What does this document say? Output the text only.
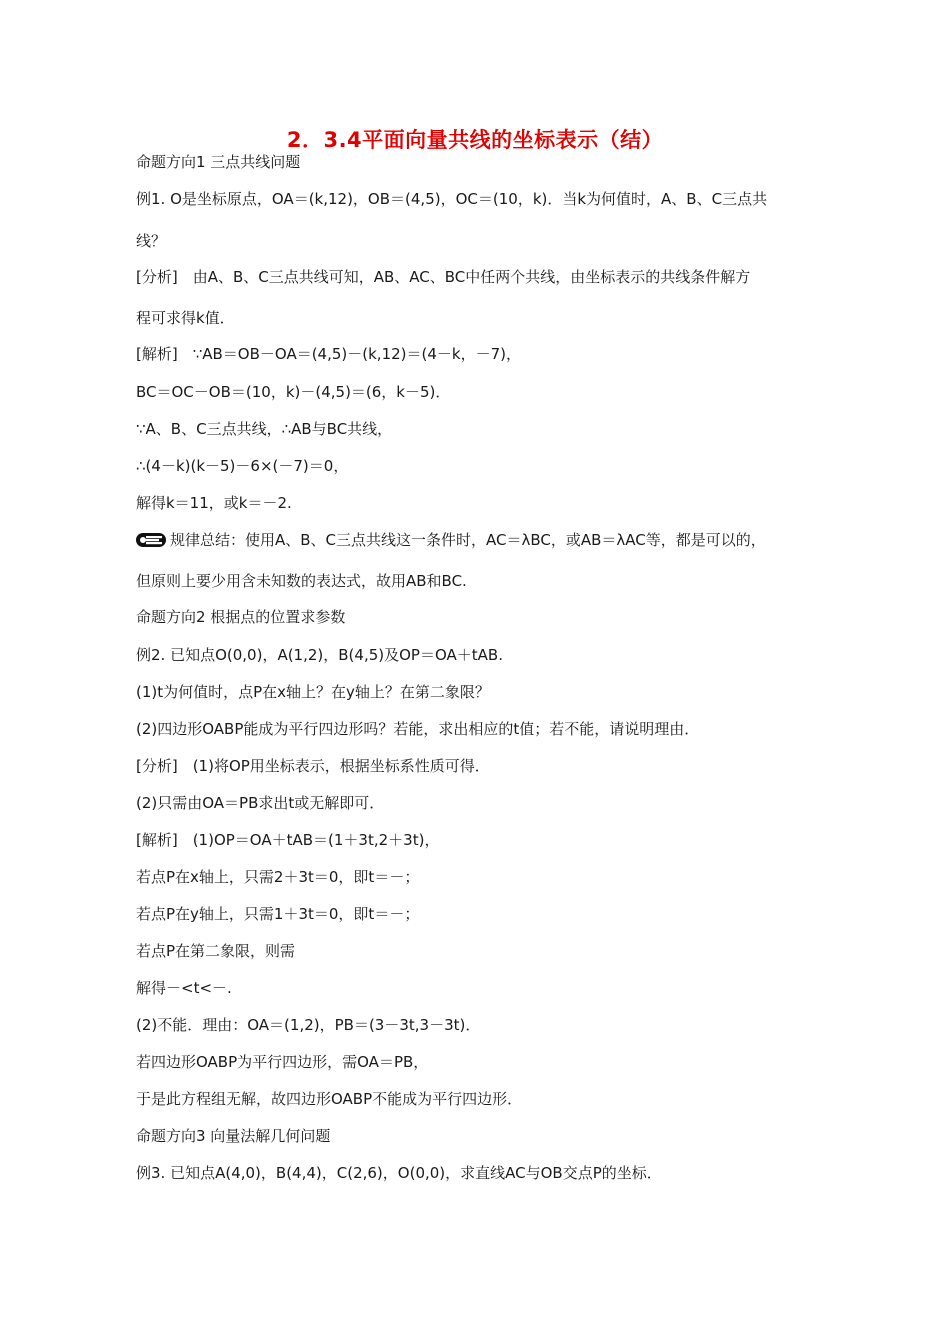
2．3.4平面向量共线的坐标表示（结）
命题方向1 三点共线问题
例1. O是坐标原点，OA＝(k,12)，OB＝(4,5)，OC＝(10，k)．当k为何值时，A、B、C三点共
线？
[分析]　由A、B、C三点共线可知，AB、AC、BC中任两个共线，由坐标表示的共线条件解方
程可求得k值．
[解析]　∵AB＝OB－OA＝(4,5)－(k,12)＝(4－k，－7)，
BC＝OC－OB＝(10，k)－(4,5)＝(6，k－5)．
∵A、B、C三点共线，∴AB与BC共线，
∴(4－k)(k－5)－6×(－7)＝0，
解得k＝11，或k＝－2.
规律总结：使用A、B、C三点共线这一条件时，AC＝λBC，或AB＝λAC等，都是可以的，
但原则上要少用含未知数的表达式，故用AB和BC.
命题方向2 根据点的位置求参数
例2. 已知点O(0,0)，A(1,2)，B(4,5)及OP＝OA＋tAB.
(1)t为何值时，点P在x轴上？在y轴上？在第二象限？
(2)四边形OABP能成为平行四边形吗？若能，求出相应的t值；若不能，请说明理由．
[分析]　(1)将OP用坐标表示，根据坐标系性质可得．
(2)只需由OA＝PB求出t或无解即可．
[解析]　(1)OP＝OA＋tAB＝(1＋3t,2＋3t)，
若点P在x轴上，只需2＋3t＝0，即t＝－；
若点P在y轴上，只需1＋3t＝0，即t＝－；
若点P在第二象限，则需
解得－<t<－.
(2)不能．理由：OA＝(1,2)，PB＝(3－3t,3－3t)．
若四边形OABP为平行四边形，需OA＝PB，
于是此方程组无解，故四边形OABP不能成为平行四边形．
命题方向3 向量法解几何问题
例3. 已知点A(4,0)，B(4,4)，C(2,6)，O(0,0)，求直线AC与OB交点P的坐标．
